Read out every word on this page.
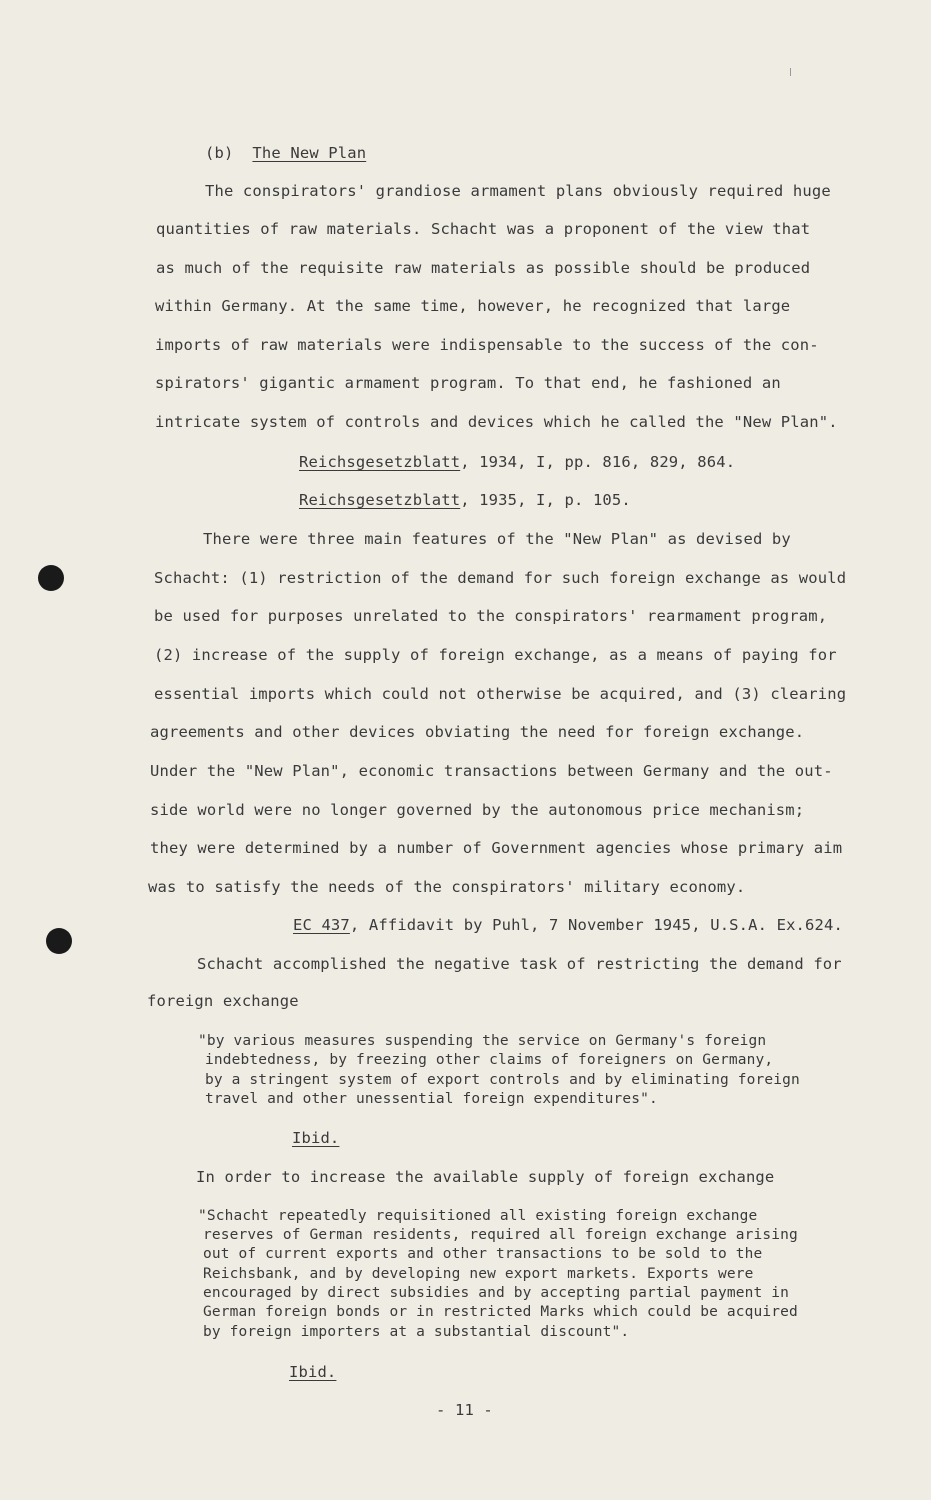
(b) The New Plan
The conspirators' grandiose armament plans obviously required huge
quantities of raw materials. Schacht was a proponent of the view that
as much of the requisite raw materials as possible should be produced
within Germany. At the same time, however, he recognized that large
imports of raw materials were indispensable to the success of the con-
spirators' gigantic armament program. To that end, he fashioned an
intricate system of controls and devices which he called the "New Plan".
Reichsgesetzblatt, 1934, I, pp. 816, 829, 864.
Reichsgesetzblatt, 1935, I, p. 105.
There were three main features of the "New Plan" as devised by
Schacht: (1) restriction of the demand for such foreign exchange as would
be used for purposes unrelated to the conspirators' rearmament program,
(2) increase of the supply of foreign exchange, as a means of paying for
essential imports which could not otherwise be acquired, and (3) clearing
agreements and other devices obviating the need for foreign exchange.
Under the "New Plan", economic transactions between Germany and the out-
side world were no longer governed by the autonomous price mechanism;
they were determined by a number of Government agencies whose primary aim
was to satisfy the needs of the conspirators' military economy.
EC 437, Affidavit by Puhl, 7 November 1945, U.S.A. Ex.624.
Schacht accomplished the negative task of restricting the demand for
foreign exchange
"by various measures suspending the service on Germany's foreign
indebtedness, by freezing other claims of foreigners on Germany,
by a stringent system of export controls and by eliminating foreign
travel and other unessential foreign expenditures".
Ibid.
In order to increase the available supply of foreign exchange
"Schacht repeatedly requisitioned all existing foreign exchange
reserves of German residents, required all foreign exchange arising
out of current exports and other transactions to be sold to the
Reichsbank, and by developing new export markets. Exports were
encouraged by direct subsidies and by accepting partial payment in
German foreign bonds or in restricted Marks which could be acquired
by foreign importers at a substantial discount".
Ibid.
- 11 -
